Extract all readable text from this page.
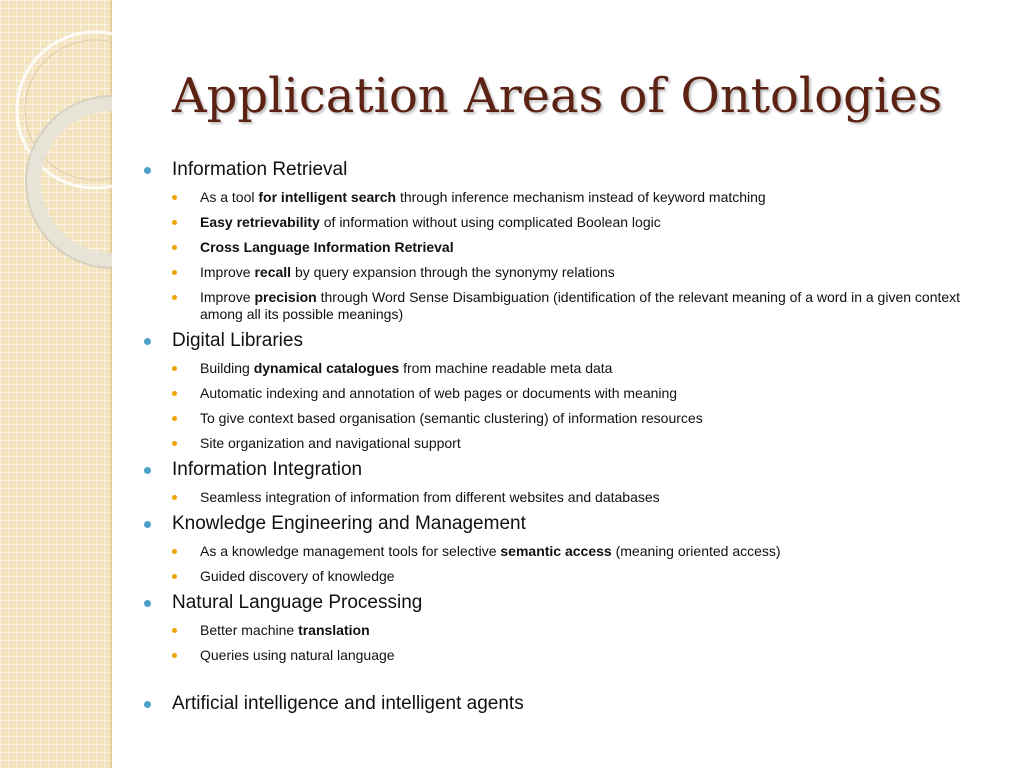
Application Areas of Ontologies
Information Retrieval
As a tool for intelligent search through inference mechanism instead of keyword matching
Easy retrievability of information without using complicated Boolean logic
Cross Language Information Retrieval
Improve recall by query expansion through the synonymy relations
Improve precision through Word Sense Disambiguation (identification of the relevant meaning of a word in a given context among all its possible meanings)
Digital Libraries
Building dynamical catalogues from machine readable meta data
Automatic indexing and annotation of web pages or documents with meaning
To give context based organisation (semantic clustering) of information resources
Site organization and navigational support
Information Integration
Seamless integration of information from different websites and databases
Knowledge Engineering and Management
As a knowledge management tools for selective semantic access (meaning oriented access)
Guided discovery of knowledge
Natural Language Processing
Better machine translation
Queries using natural language
Artificial intelligence and intelligent agents
